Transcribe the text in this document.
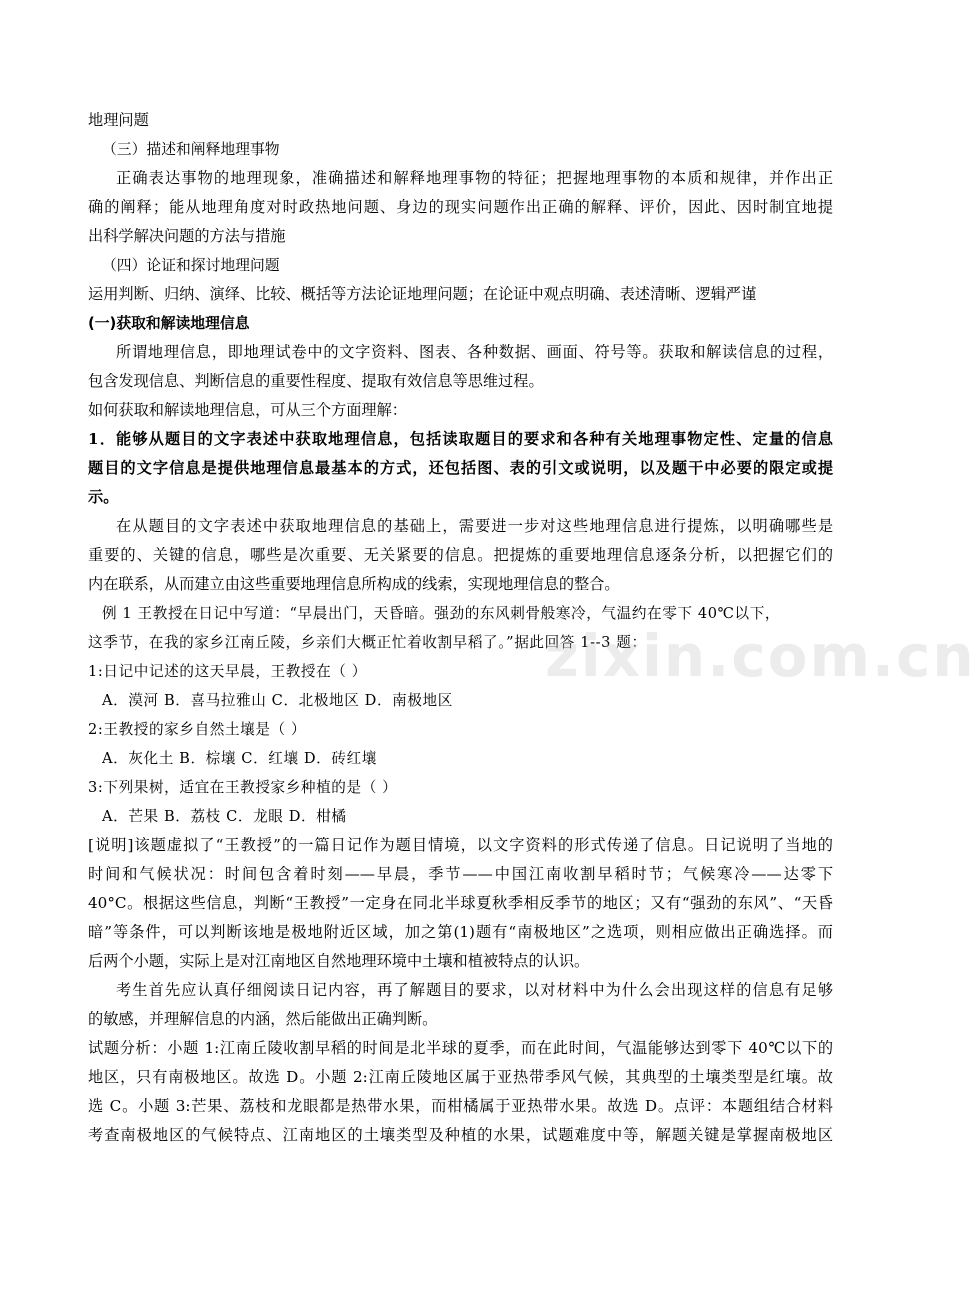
地理问题
（三）描述和阐释地理事物
正确表达事物的地理现象，准确描述和解释地理事物的特征；把握地理事物的本质和规律，并作出正
确的阐释；能从地理角度对时政热地问题、身边的现实问题作出正确的解释、评价，因此、因时制宜地提
出科学解决问题的方法与措施
（四）论证和探讨地理问题
运用判断、归纳、演绎、比较、概括等方法论证地理问题；在论证中观点明确、表述清晰、逻辑严谨
(一)获取和解读地理信息
所谓地理信息，即地理试卷中的文字资料、图表、各种数据、画面、符号等。获取和解读信息的过程，
包含发现信息、判断信息的重要性程度、提取有效信息等思维过程。
如何获取和解读地理信息，可从三个方面理解：
1．能够从题目的文字表述中获取地理信息，包括读取题目的要求和各种有关地理事物定性、定量的信息
题目的文字信息是提供地理信息最基本的方式，还包括图、表的引文或说明，以及题干中必要的限定或提
示。
在从题目的文字表述中获取地理信息的基础上，需要进一步对这些地理信息进行提炼，以明确哪些是
重要的、关键的信息，哪些是次重要、无关紧要的信息。把提炼的重要地理信息逐条分析，以把握它们的
内在联系，从而建立由这些重要地理信息所构成的线索，实现地理信息的整合。
例 1 王教授在日记中写道：“早晨出门，天昏暗。强劲的东风刺骨般寒冷，气温约在零下 40℃以下，
这季节，在我的家乡江南丘陵，乡亲们大概正忙着收割早稻了。”据此回答 1--3 题：
1:日记中记述的这天早晨，王教授在（ ）
A．漠河 B．喜马拉雅山 C．北极地区 D．南极地区
2:王教授的家乡自然土壤是（ ）
A．灰化土 B．棕壤 C．红壤 D．砖红壤
3:下列果树，适宜在王教授家乡种植的是（ ）
A．芒果 B．荔枝 C．龙眼 D．柑橘
[说明]该题虚拟了“王教授”的一篇日记作为题目情境，以文字资料的形式传递了信息。日记说明了当地的
时间和气候状况：时间包含着时刻——早晨，季节——中国江南收割早稻时节；气候寒冷——达零下
40°C。根据这些信息，判断“王教授”一定身在同北半球夏秋季相反季节的地区；又有“强劲的东风”、“天昏
暗”等条件，可以判断该地是极地附近区域，加之第(1)题有“南极地区”之选项，则相应做出正确选择。而
后两个小题，实际上是对江南地区自然地理环境中土壤和植被特点的认识。
考生首先应认真仔细阅读日记内容，再了解题目的要求，以对材料中为什么会出现这样的信息有足够
的敏感，并理解信息的内涵，然后能做出正确判断。
试题分析：小题 1:江南丘陵收割早稻的时间是北半球的夏季，而在此时间，气温能够达到零下 40℃以下的
地区，只有南极地区。故选 D。小题 2:江南丘陵地区属于亚热带季风气候，其典型的土壤类型是红壤。故
选 C。小题 3:芒果、荔枝和龙眼都是热带水果，而柑橘属于亚热带水果。故选 D。点评：本题组结合材料
考查南极地区的气候特点、江南地区的土壤类型及种植的水果，试题难度中等，解题关键是掌握南极地区
zixin.com.cn
